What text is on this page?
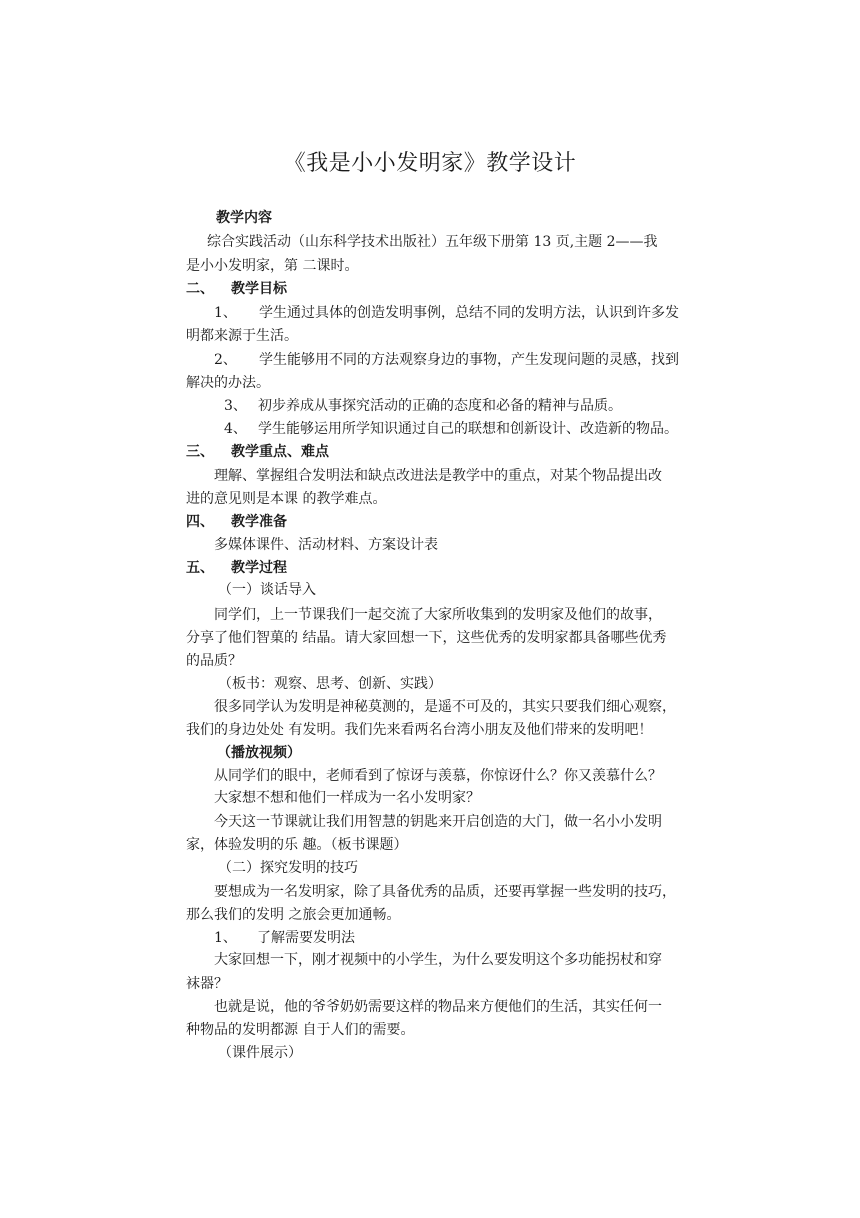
《我是小小发明家》教学设计
教学内容
综合实践活动（山东科学技术出版社）五年级下册第 13 页,主题 2——我
是小小发明家，第 二课时。
二、 教学目标
1、 学生通过具体的创造发明事例，总结不同的发明方法，认识到许多发
明都来源于生活。
2、 学生能够用不同的方法观察身边的事物，产生发现问题的灵感，找到
解决的办法。
3、 初步养成从事探究活动的正确的态度和必备的精神与品质。
4、 学生能够运用所学知识通过自己的联想和创新设计、改造新的物品。
三、 教学重点、难点
理解、掌握组合发明法和缺点改进法是教学中的重点，对某个物品提出改
进的意见则是本课 的教学难点。
四、 教学准备
多媒体课件、活动材料、方案设计表
五、 教学过程
（一）谈话导入
同学们，上一节课我们一起交流了大家所收集到的发明家及他们的故事，
分享了他们智菓的 结晶。请大家回想一下，这些优秀的发明家都具备哪些优秀
的品质？
（板书：观察、思考、创新、实践）
很多同学认为发明是神秘莫测的，是遥不可及的，其实只要我们细心观察，
我们的身边处处 有发明。我们先来看两名台湾小朋友及他们带来的发明吧！
（播放视频）
从同学们的眼中，老师看到了惊讶与羡慕，你惊讶什么？你又羡慕什么？
大家想不想和他们一样成为一名小发明家？
今天这一节课就让我们用智慧的钥匙来开启创造的大门，做一名小小发明
家，体验发明的乐 趣。（板书课题）
（二）探究发明的技巧
要想成为一名发明家，除了具备优秀的品质，还要再掌握一些发明的技巧，
那么我们的发明 之旅会更加通畅。
1、 了解需要发明法
大家回想一下，刚才视频中的小学生，为什么要发明这个多功能拐杖和穿
袜器？
也就是说，他的爷爷奶奶需要这样的物品来方便他们的生活，其实任何一
种物品的发明都源 自于人们的需要。
（课件展示）
